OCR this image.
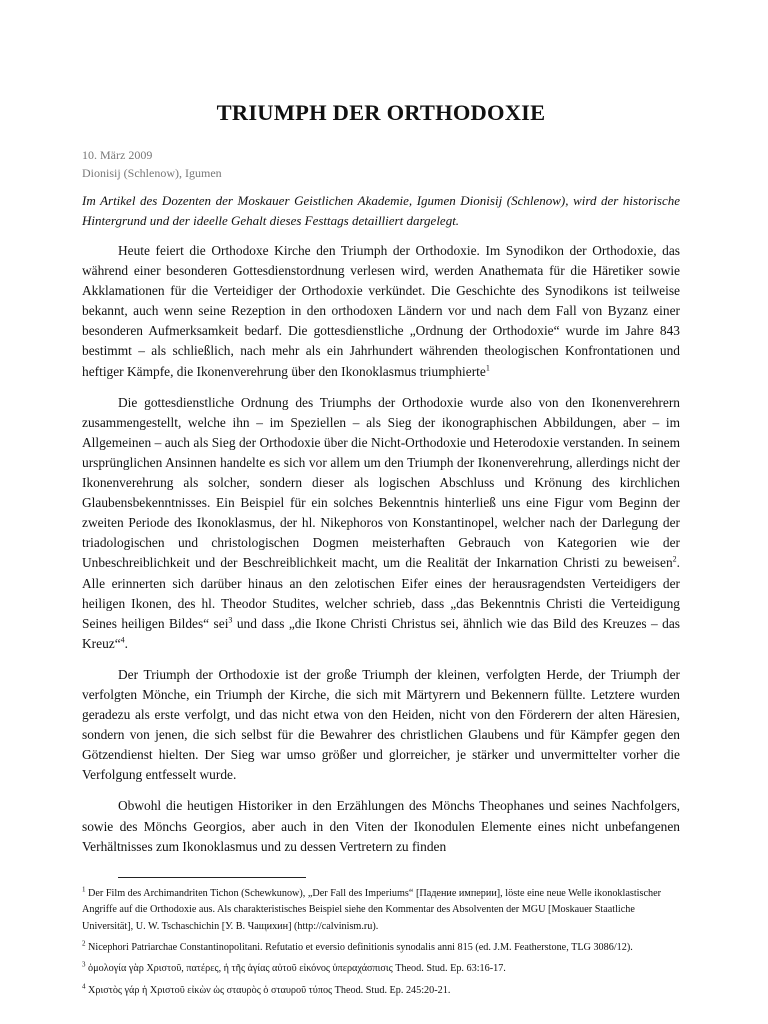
TRIUMPH DER ORTHODOXIE
10. März 2009
Dionisij (Schlenow), Igumen

Im Artikel des Dozenten der Moskauer Geistlichen Akademie, Igumen Dionisij (Schlenow), wird der historische Hintergrund und der ideelle Gehalt dieses Festtags detailliert dargelegt.

Heute feiert die Orthodoxe Kirche den Triumph der Orthodoxie. Im Synodikon der Orthodoxie, das während einer besonderen Gottesdienstordnung verlesen wird, werden Anathemata für die Häretiker sowie Akklamationen für die Verteidiger der Orthodoxie verkündet. Die Geschichte des Synodikons ist teilweise bekannt, auch wenn seine Rezeption in den orthodoxen Ländern vor und nach dem Fall von Byzanz einer besonderen Aufmerksamkeit bedarf. Die gottesdienstliche „Ordnung der Orthodoxie“ wurde im Jahre 843 bestimmt – als schließlich, nach mehr als ein Jahrhundert währenden theologischen Konfrontationen und heftiger Kämpfe, die Ikonenverehrung über den Ikonoklasmus triumphierte$^1$

Die gottesdienstliche Ordnung des Triumphs der Orthodoxie wurde also von den Ikonenverehrern zusammengestellt, welche ihn – im Speziellen – als Sieg der ikonographischen Abbildungen, aber – im Allgemeinen – auch als Sieg der Orthodoxie über die Nicht-Orthodoxie und Heterodoxie verstanden. In seinem ursprünglichen Ansinnen handelte es sich vor allem um den Triumph der Ikonenverehrung, allerdings nicht der Ikonenverehrung als solcher, sondern dieser als logischen Abschluss und Krönung des kirchlichen Glaubensbekenntnisses. Ein Beispiel für ein solches Bekenntnis hinterließ uns eine Figur vom Beginn der zweiten Periode des Ikonoklasmus, der hl. Nikephoros von Konstantinopel, welcher nach der Darlegung der triadologischen und christologischen Dogmen meisterhaften Gebrauch von Kategorien wie der Unbeschreiblichkeit und der Beschreiblichkeit macht, um die Realität der Inkarnation Christi zu beweisen$^2$. Alle erinnerten sich darüber hinaus an den zelotischen Eifer eines der herausragendsten Verteidigers der heiligen Ikonen, des hl. Theodor Studites, welcher schrieb, dass „das Bekenntnis Christi die Verteidigung Seines heiligen Bildes“ sei$^3$ und dass „die Ikone Christi Christus sei, ähnlich wie das Bild des Kreuzes – das Kreuz“$^4$.

Der Triumph der Orthodoxie ist der große Triumph der kleinen, verfolgten Herde, der Triumph der verfolgten Mönche, ein Triumph der Kirche, die sich mit Märtyrern und Bekennern füllte. Letztere wurden geradezu als erste verfolgt, und das nicht etwa von den Heiden, nicht von den Förderern der alten Häresien, sondern von jenen, die sich selbst für die Bewahrer des christlichen Glaubens und für Kämpfer gegen den Götzendienst hielten. Der Sieg war umso größer und glorreicher, je stärker und unvermittelter vorher die Verfolgung entfesselt wurde.

Obwohl die heutigen Historiker in den Erzählungen des Mönchs Theophanes und seines Nachfolgers, sowie des Mönchs Georgios, aber auch in den Viten der Ikonodulen Elemente eines nicht unbefangenen Verhältnisses zum Ikonoklasmus und zu dessen Vertretern zu finden

$^1$ Der Film des Archimandriten Tichon (Schewkunow), „Der Fall des Imperiums“ [Падение империи], löste eine neue Welle ikonoklastischer Angriffe auf die Orthodoxie aus. Als charakteristisches Beispiel siehe den Kommentar des Absolventen der MGU [Moskauer Staatliche Universität], U. W. Tschaschichin [У. В. Чащихин] (http://calvinism.ru).

$^2$ Nicephori Patriarchae Constantinopolitani. Refutatio et eversio definitionis synodalis anni 815 (ed. J.M. Featherstone, TLG 3086/12).

$^3$ ὁμολογία γὰρ Χριστοῦ, πατέρες, ἡ τῆς ἁγίας αὐτοῦ εἰκόνος ὑπεραχάσπισις Theod. Stud. Ep. 63:16-17.

$^4$ Χριστὸς γάρ ἡ Χριστοῦ εἰκὼν ὡς σταυρὸς ὁ σταυροῦ τύπος Theod. Stud. Ep. 245:20-21.
